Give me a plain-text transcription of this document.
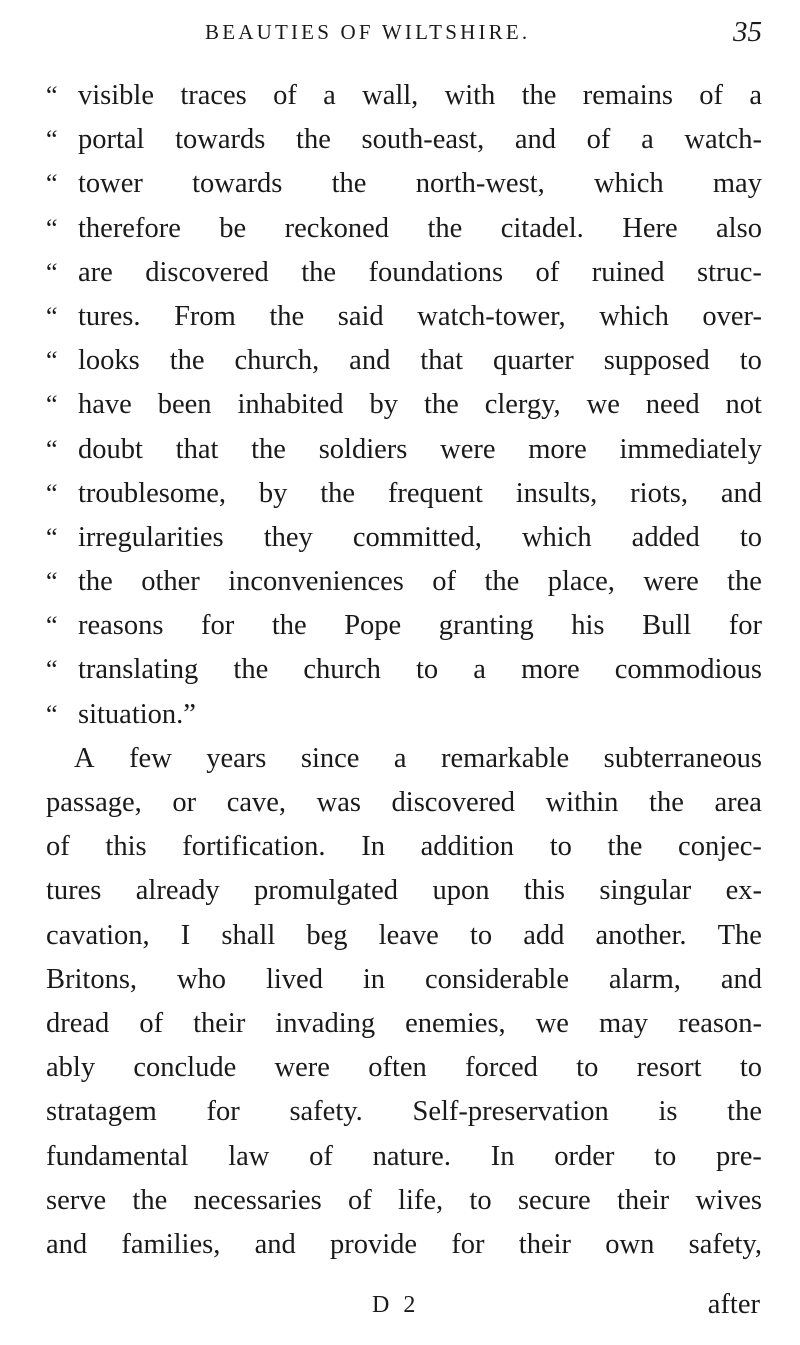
BEAUTIES OF WILTSHIRE.	35
“ visible traces of a wall, with the remains of a
“ portal towards the south-east, and of a watch-
“ tower towards the north-west, which may
“ therefore be reckoned the citadel. Here also
“ are discovered the foundations of ruined struc-
“ tures. From the said watch-tower, which over-
“ looks the church, and that quarter supposed to
“ have been inhabited by the clergy, we need not
“ doubt that the soldiers were more immediately
“ troublesome, by the frequent insults, riots, and
“ irregularities they committed, which added to
“ the other inconveniences of the place, were the
“ reasons for the Pope granting his Bull for
“ translating the church to a more commodious
“ situation.”
A few years since a remarkable subterraneous
passage, or cave, was discovered within the area
of this fortification. In addition to the conjec-
tures already promulgated upon this singular ex-
cavation, I shall beg leave to add another. The
Britons, who lived in considerable alarm, and
dread of their invading enemies, we may reason-
ably conclude were often forced to resort to
stratagem for safety. Self-preservation is the
fundamental law of nature. In order to pre-
serve the necessaries of life, to secure their wives
and families, and provide for their own safety,
D 2	after
